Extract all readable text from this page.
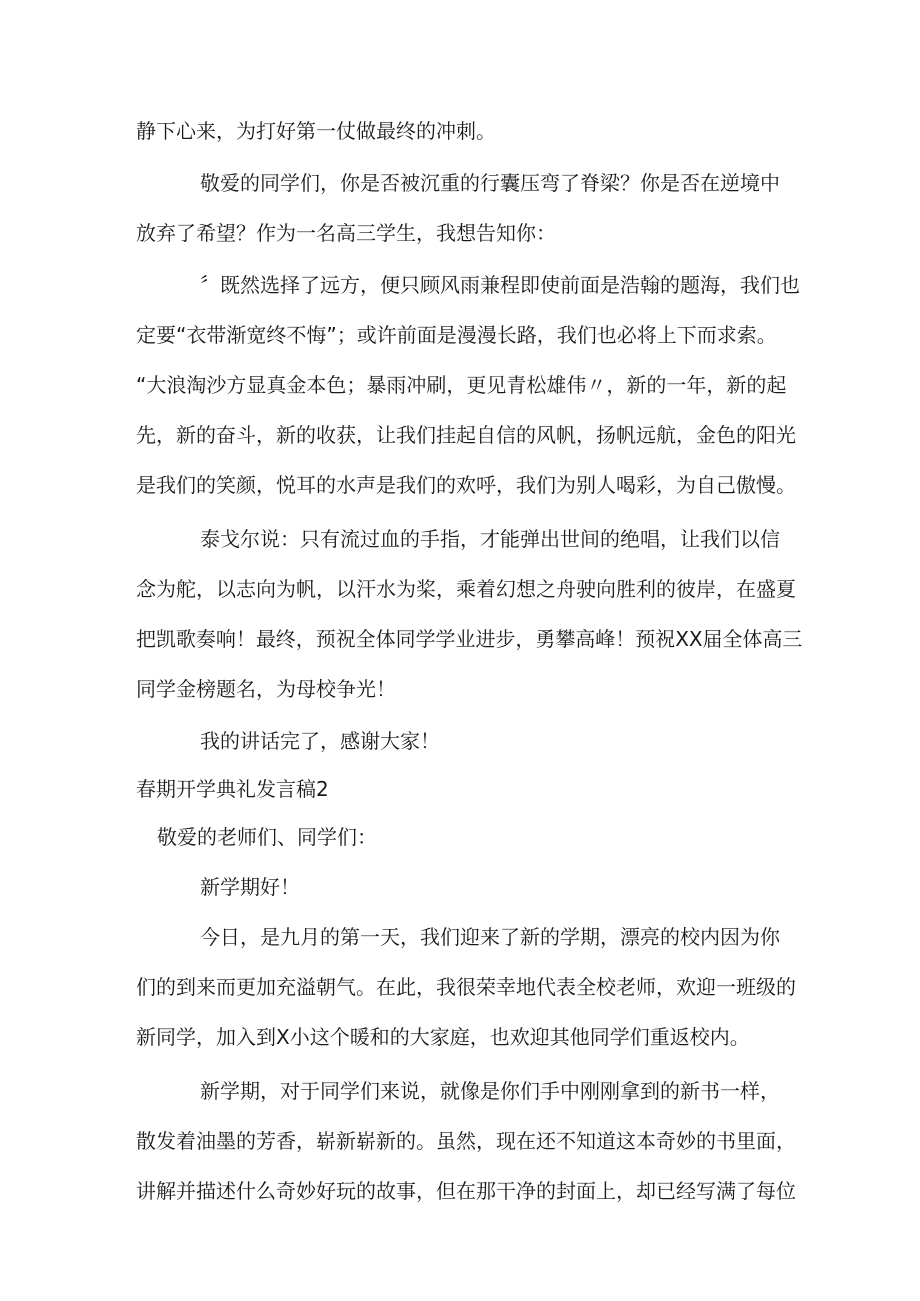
静下心来，为打好第一仗做最终的冲刺。
敬爱的同学们，你是否被沉重的行囊压弯了脊梁？你是否在逆境中
放弃了希望？作为一名高三学生，我想告知你：
〞既然选择了远方，便只顾风雨兼程即使前面是浩翰的题海，我们也
定要“衣带渐宽终不悔”；或许前面是漫漫长路，我们也必将上下而求索。
“大浪淘沙方显真金本色；暴雨冲刷，更见青松雄伟〃，新的一年，新的起
先，新的奋斗，新的收获，让我们挂起自信的风帆，扬帆远航，金色的阳光
是我们的笑颜，悦耳的水声是我们的欢呼，我们为别人喝彩，为自己傲慢。
泰戈尔说：只有流过血的手指，才能弹出世间的绝唱，让我们以信
念为舵，以志向为帆，以汗水为桨，乘着幻想之舟驶向胜利的彼岸，在盛夏
把凯歌奏响！最终，预祝全体同学学业进步，勇攀高峰！预祝XX届全体高三
同学金榜题名，为母校争光！
我的讲话完了，感谢大家！
春期开学典礼发言稿2
敬爱的老师们、同学们：
新学期好！
今日，是九月的第一天，我们迎来了新的学期，漂亮的校内因为你
们的到来而更加充溢朝气。在此，我很荣幸地代表全校老师，欢迎一班级的
新同学，加入到X小这个暖和的大家庭，也欢迎其他同学们重返校内。
新学期，对于同学们来说，就像是你们手中刚刚拿到的新书一样，
散发着油墨的芳香，崭新崭新的。虽然，现在还不知道这本奇妙的书里面，
讲解并描述什么奇妙好玩的故事，但在那干净的封面上，却已经写满了每位
